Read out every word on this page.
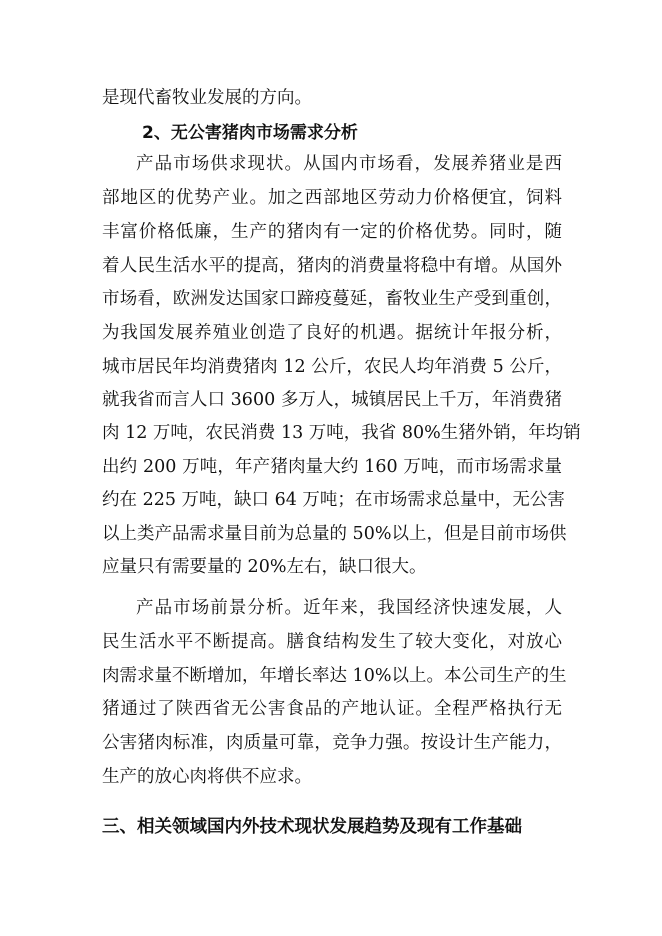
是现代畜牧业发展的方向。
2、无公害猪肉市场需求分析
产品市场供求现状。从国内市场看，发展养猪业是西
部地区的优势产业。加之西部地区劳动力价格便宜，饲料
丰富价格低廉，生产的猪肉有一定的价格优势。同时，随
着人民生活水平的提高，猪肉的消费量将稳中有增。从国外
市场看，欧洲发达国家口蹄疫蔓延，畜牧业生产受到重创，
为我国发展养殖业创造了良好的机遇。据统计年报分析，
城市居民年均消费猪肉 12 公斤，农民人均年消费 5 公斤，
就我省而言人口 3600 多万人，城镇居民上千万，年消费猪
肉 12 万吨，农民消费 13 万吨，我省 80%生猪外销，年均销
出约 200 万吨，年产猪肉量大约 160 万吨，而市场需求量
约在 225 万吨，缺口 64 万吨；在市场需求总量中，无公害
以上类产品需求量目前为总量的 50%以上，但是目前市场供
应量只有需要量的 20%左右，缺口很大。
产品市场前景分析。近年来，我国经济快速发展，人
民生活水平不断提高。膳食结构发生了较大变化，对放心
肉需求量不断增加，年增长率达 10%以上。本公司生产的生
猪通过了陕西省无公害食品的产地认证。全程严格执行无
公害猪肉标准，肉质量可靠，竞争力强。按设计生产能力，
生产的放心肉将供不应求。
三、相关领域国内外技术现状发展趋势及现有工作基础
